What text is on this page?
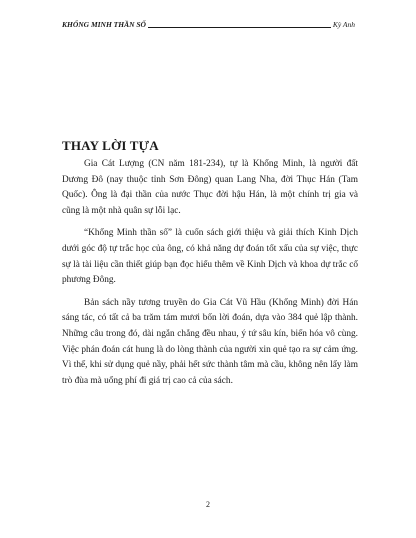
KHỔNG MINH THẦN SỐ	Kỳ Anh
THAY LỜI TỰA

Gia Cát Lượng (CN năm 181-234), tự là Khổng Minh, là người đất Dương Đô (nay thuộc tỉnh Sơn Đông) quan Lang Nha, đời Thục Hán (Tam Quốc). Ông là đại thần của nước Thục đời hậu Hán, là một chính trị gia và cũng là một nhà quân sự lỗi lạc.

“Khổng Minh thần số” là cuốn sách giới thiệu và giải thích Kinh Dịch dưới góc độ tự trắc học của ông, có khả năng dự đoán tốt xấu của sự việc, thực sự là tài liệu cần thiết giúp bạn đọc hiểu thêm về Kinh Dịch và khoa dự trắc cổ phương Đông.

Bản sách nầy tương truyền do Gia Cát Vũ Hầu (Khổng Minh) đời Hán sáng tác, có tất cả ba trăm tám mươi bốn lời đoán, dựa vào 384 quẻ lập thành. Những câu trong đó, dài ngắn chẳng đều nhau, ý tứ sâu kín, biến hóa vô cùng. Việc phán đoán cát hung là do lòng thành của người xin quẻ tạo ra sự cảm ứng. Vì thế, khi sử dụng quẻ nầy, phải hết sức thành tâm mà cầu, không nên lấy làm trò đùa mà uổng phí đi giá trị cao cả của sách.

2
